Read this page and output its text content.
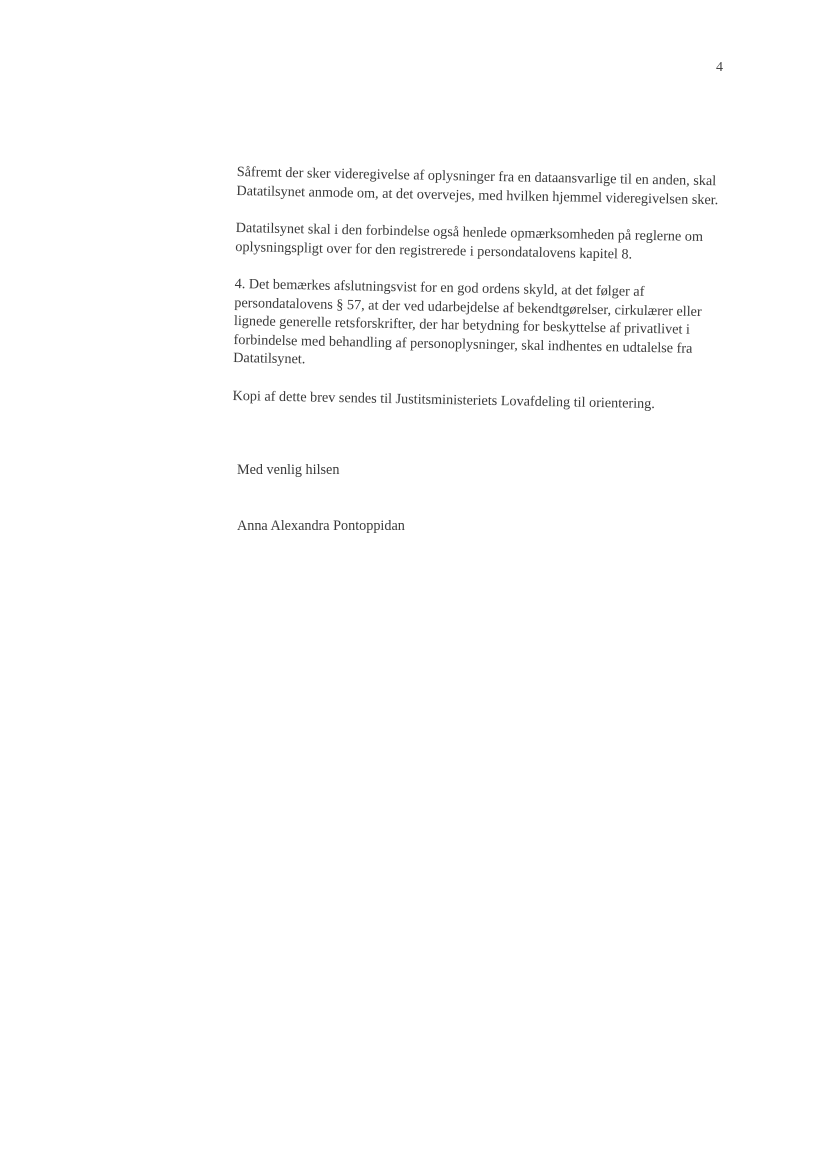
4

Såfremt der sker videregivelse af oplysninger fra en dataansvarlige til en anden, skal Datatilsynet anmode om, at det overvejes, med hvilken hjemmel videregivelsen sker.

Datatilsynet skal i den forbindelse også henlede opmærksomheden på reglerne om oplysningspligt over for den registrerede i persondatalovens kapitel 8.

4. Det bemærkes afslutningsvist for en god ordens skyld, at det følger af persondatalovens § 57, at der ved udarbejdelse af bekendtgørelser, cirkulærer eller lignede generelle retsforskrifter, der har betydning for beskyttelse af privatlivet i forbindelse med behandling af personoplysninger, skal indhentes en udtalelse fra Datatilsynet.

Kopi af dette brev sendes til Justitsministeriets Lovafdeling til orientering.

Med venlig hilsen
Anna Alexandra Pontoppidan
